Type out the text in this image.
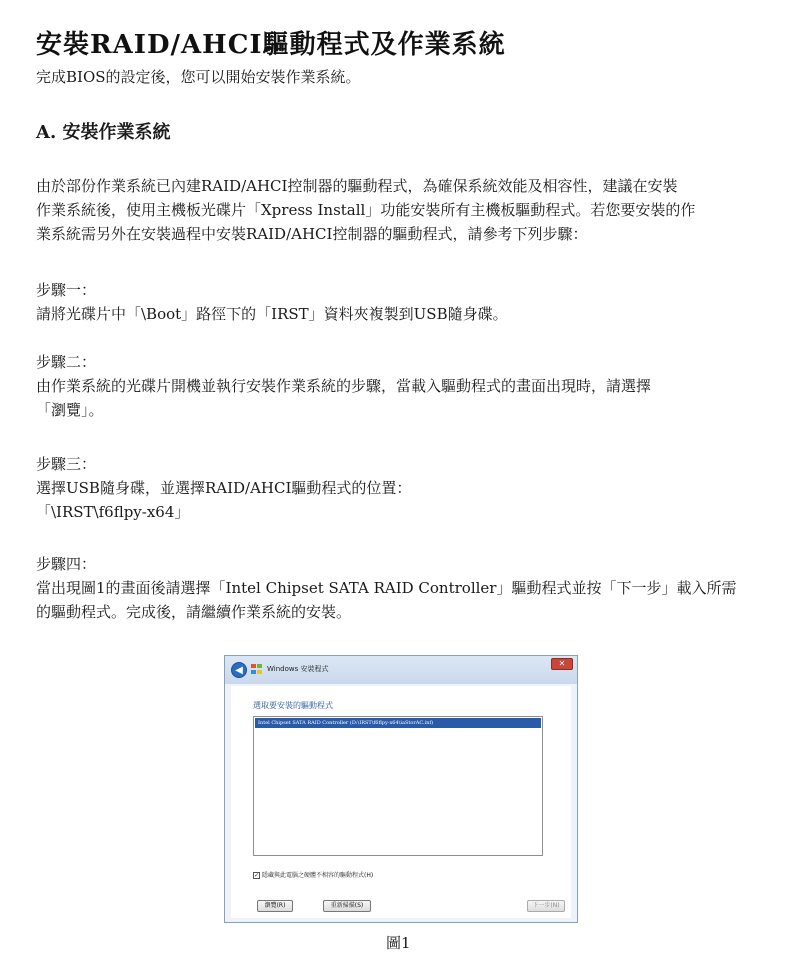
安裝RAID/AHCI驅動程式及作業系統
完成BIOS的設定後，您可以開始安裝作業系統。
A. 安裝作業系統
由於部份作業系統已內建RAID/AHCI控制器的驅動程式，為確保系統效能及相容性，建議在安裝
作業系統後，使用主機板光碟片「Xpress Install」功能安裝所有主機板驅動程式。若您要安裝的作
業系統需另外在安裝過程中安裝RAID/AHCI控制器的驅動程式，請參考下列步驟：
步驟一：
請將光碟片中「\Boot」路徑下的「IRST」資料夾複製到USB隨身碟。
步驟二：
由作業系統的光碟片開機並執行安裝作業系統的步驟，當載入驅動程式的畫面出現時，請選擇
「瀏覽」。
步驟三：
選擇USB隨身碟，並選擇RAID/AHCI驅動程式的位置：
「\IRST\f6flpy-x64」
步驟四：
當出現圖1的畫面後請選擇「Intel Chipset SATA RAID Controller」驅動程式並按「下一步」載入所需
的驅動程式。完成後，請繼續作業系統的安裝。
◀	Windows 安裝程式
✕
選取要安裝的驅動程式
Intel Chipset SATA RAID Controller (D:\IRST\f6flpy-x64\iaStorAC.inf)
✓ 隱藏與此電腦之硬體不相容的驅動程式(H)
瀏覽(R)	重新掃描(S)	下一步(N)
圖1
